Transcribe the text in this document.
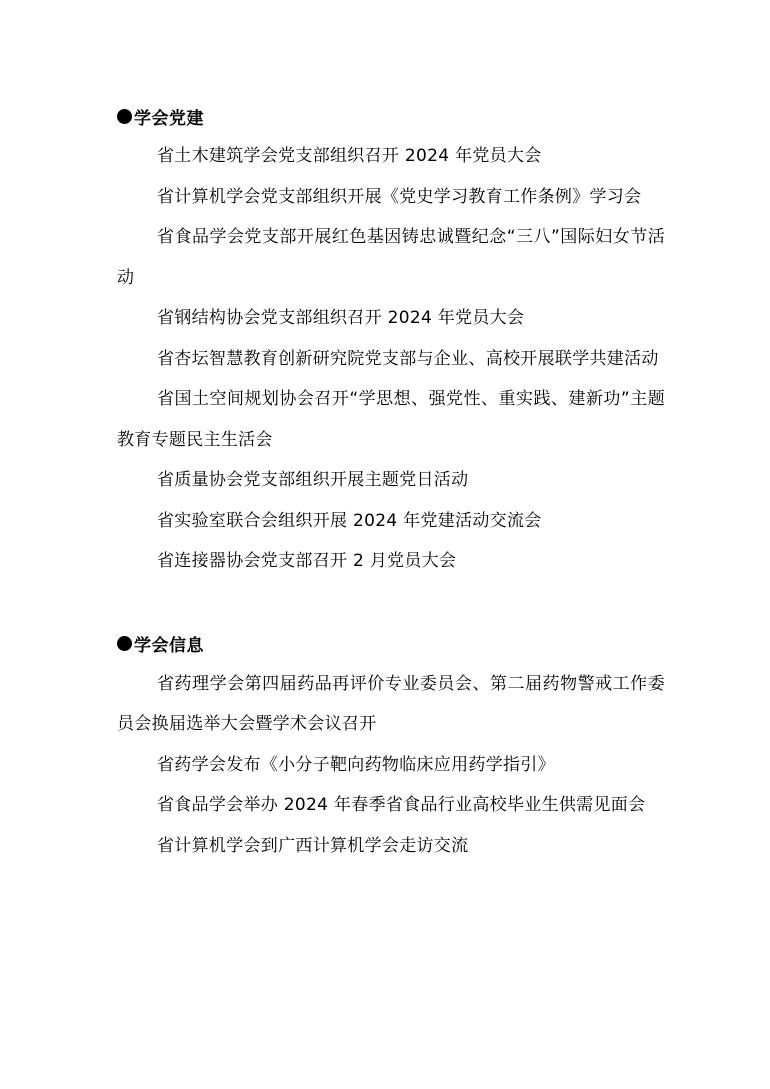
学会党建
省土木建筑学会党支部组织召开 2024 年党员大会
省计算机学会党支部组织开展《党史学习教育工作条例》学习会
省食品学会党支部开展红色基因铸忠诚暨纪念“三八”国际妇女节活动
省钢结构协会党支部组织召开 2024 年党员大会
省杏坛智慧教育创新研究院党支部与企业、高校开展联学共建活动
省国土空间规划协会召开“学思想、强党性、重实践、建新功”主题教育专题民主生活会
省质量协会党支部组织开展主题党日活动
省实验室联合会组织开展 2024 年党建活动交流会
省连接器协会党支部召开 2 月党员大会
学会信息
省药理学会第四届药品再评价专业委员会、第二届药物警戒工作委员会换届选举大会暨学术会议召开
省药学会发布《小分子靶向药物临床应用药学指引》
省食品学会举办 2024 年春季省食品行业高校毕业生供需见面会
省计算机学会到广西计算机学会走访交流
